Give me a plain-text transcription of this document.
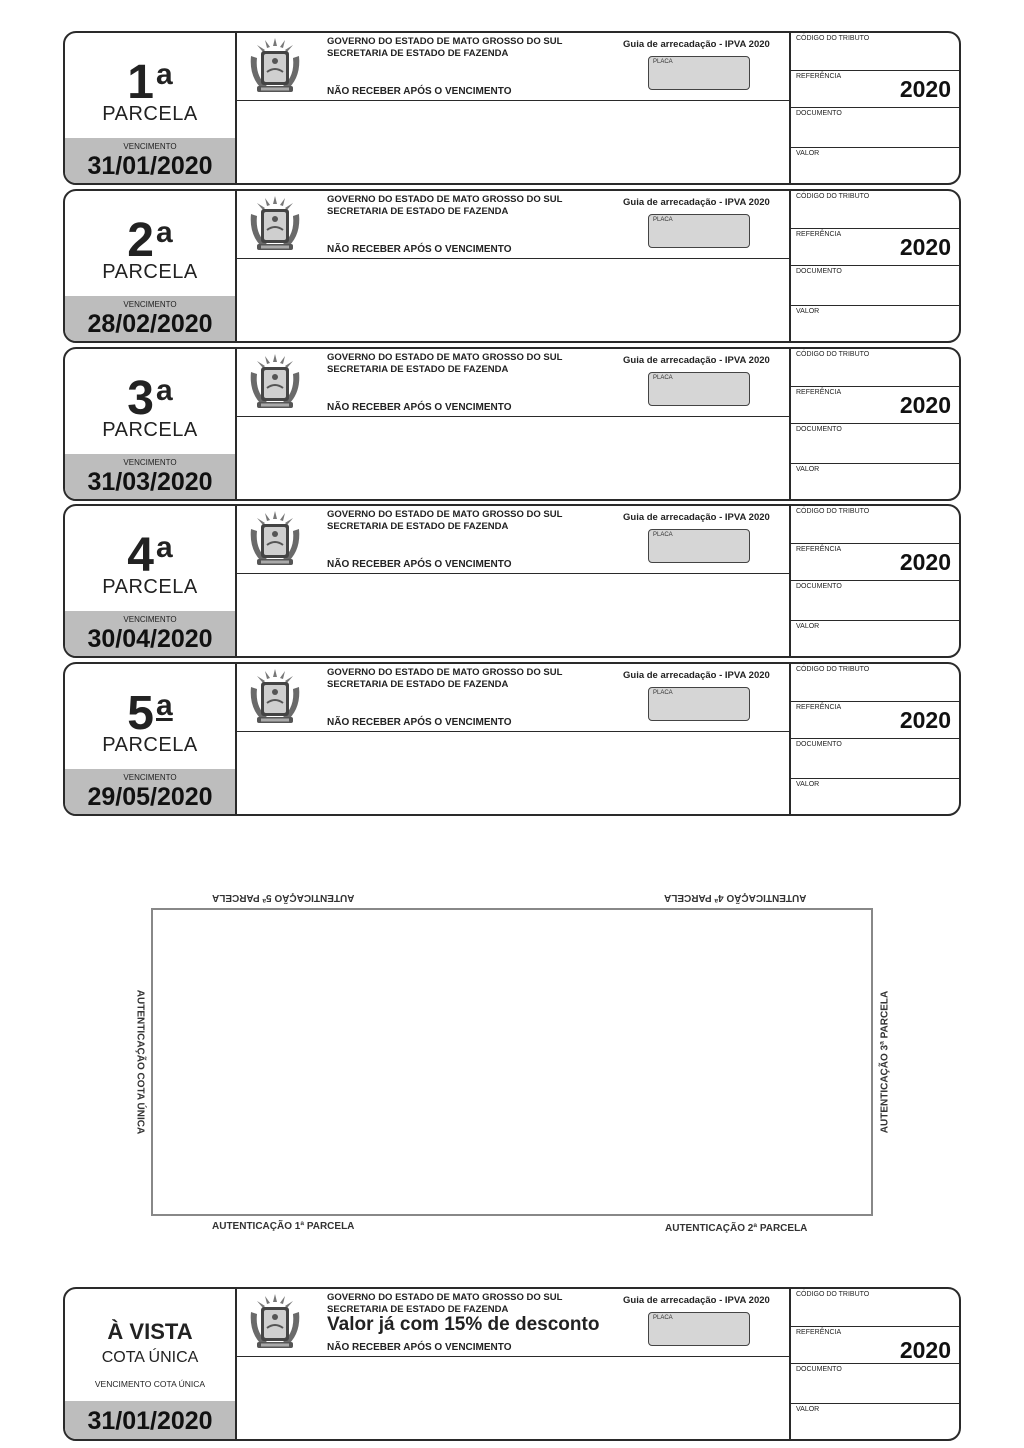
1$^a$
PARCELA
VENCIMENTO
31/01/2020
GOVERNO DO ESTADO DE MATO GROSSO DO SUL
SECRETARIA DE ESTADO DE FAZENDA
NÃO RECEBER APÓS O VENCIMENTO
Guia de arrecadação - IPVA 2020
PLACA
CÓDIGO DO TRIBUTO
REFERÊNCIA	2020
DOCUMENTO
VALOR
2$^a$
PARCELA
VENCIMENTO
28/02/2020
GOVERNO DO ESTADO DE MATO GROSSO DO SUL
SECRETARIA DE ESTADO DE FAZENDA
NÃO RECEBER APÓS O VENCIMENTO
Guia de arrecadação - IPVA 2020
PLACA
CÓDIGO DO TRIBUTO
REFERÊNCIA	2020
DOCUMENTO
VALOR
3$^a$
PARCELA
VENCIMENTO
31/03/2020
GOVERNO DO ESTADO DE MATO GROSSO DO SUL
SECRETARIA DE ESTADO DE FAZENDA
NÃO RECEBER APÓS O VENCIMENTO
Guia de arrecadação - IPVA 2020
PLACA
CÓDIGO DO TRIBUTO
REFERÊNCIA	2020
DOCUMENTO
VALOR
4$^a$
PARCELA
VENCIMENTO
30/04/2020
GOVERNO DO ESTADO DE MATO GROSSO DO SUL
SECRETARIA DE ESTADO DE FAZENDA
NÃO RECEBER APÓS O VENCIMENTO
Guia de arrecadação - IPVA 2020
PLACA
CÓDIGO DO TRIBUTO
REFERÊNCIA	2020
DOCUMENTO
VALOR
5$^a$
PARCELA
VENCIMENTO
29/05/2020
GOVERNO DO ESTADO DE MATO GROSSO DO SUL
SECRETARIA DE ESTADO DE FAZENDA
NÃO RECEBER APÓS O VENCIMENTO
Guia de arrecadação - IPVA 2020
PLACA
CÓDIGO DO TRIBUTO
REFERÊNCIA	2020
DOCUMENTO
VALOR
À VISTA
COTA ÚNICA
VENCIMENTO COTA ÚNICA
31/01/2020
GOVERNO DO ESTADO DE MATO GROSSO DO SUL
SECRETARIA DE ESTADO DE FAZENDA
Valor já com 15% de desconto
NÃO RECEBER APÓS O VENCIMENTO
Guia de arrecadação - IPVA 2020
PLACA
CÓDIGO DO TRIBUTO
REFERÊNCIA
2020
DOCUMENTO
VALOR
AUTENTICAÇÃO 5ª PARCELA	AUTENTICAÇÃO 4ª PARCELA
AUTENTICAÇÃO 1ª PARCELA	AUTENTICAÇÃO 2ª PARCELA
AUTENTICAÇÃO COTA ÚNICA	AUTENTICAÇÃO 3ª PARCELA
